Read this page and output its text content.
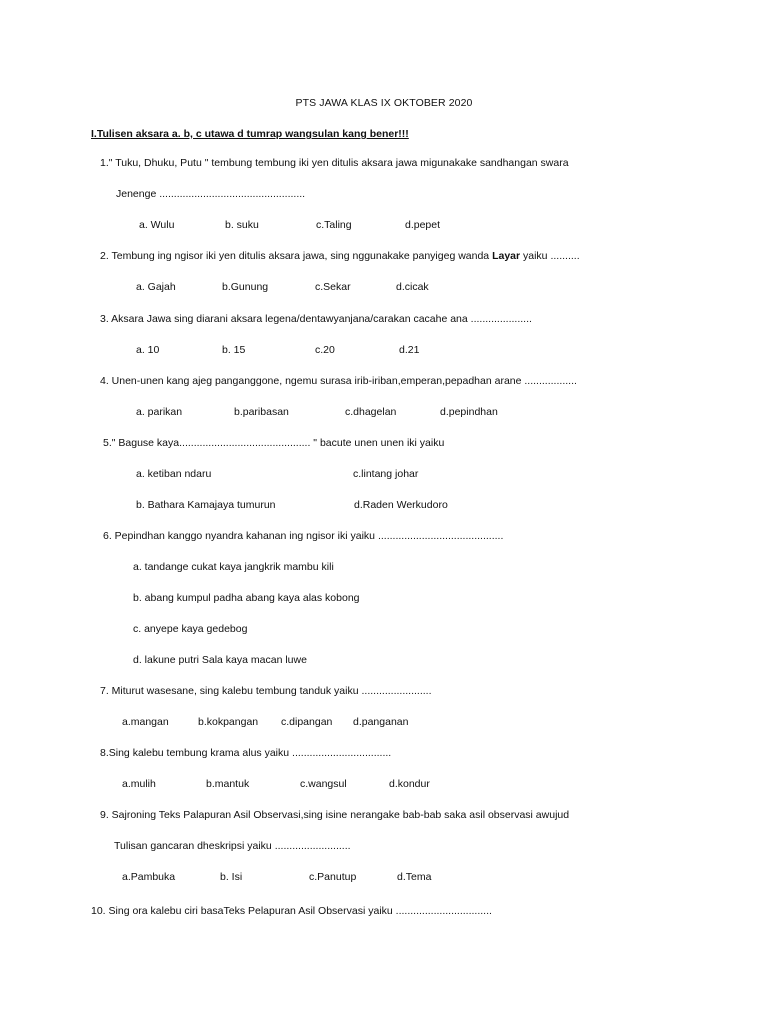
PTS JAWA KLAS IX OKTOBER 2020
I.Tulisen aksara a. b, c utawa d tumrap wangsulan kang bener!!!
1." Tuku, Dhuku, Putu " tembung tembung iki yen ditulis aksara jawa migunakake sandhangan swara
Jenenge ..................................................
a. Wulu	b. suku	c.Taling	d.pepet
2. Tembung ing ngisor iki yen ditulis aksara jawa, sing nggunakake panyigeg wanda Layar yaiku ..........
a. Gajah	b.Gunung	c.Sekar	d.cicak
3. Aksara Jawa sing diarani aksara legena/dentawyanjana/carakan cacahe ana .....................
a. 10	b. 15	c.20	d.21
4. Unen-unen kang ajeg panganggone, ngemu surasa irib-iriban,emperan,pepadhan arane ..................
a. parikan	b.paribasan	c.dhagelan	d.pepindhan
5." Baguse kaya............................................. " bacute unen unen iki yaiku
a. ketiban ndaru	c.lintang johar
b. Bathara Kamajaya tumurun	d.Raden Werkudoro
6. Pepindhan kanggo nyandra kahanan ing ngisor iki yaiku ...........................................
a. tandange cukat kaya jangkrik mambu kili
b. abang kumpul padha abang kaya alas kobong
c. anyepe kaya gedebog
d. lakune putri Sala kaya macan luwe
7. Miturut wasesane, sing kalebu tembung tanduk yaiku ........................
a.mangan	b.kokpangan c.dipangan d.panganan
8.Sing kalebu tembung krama alus yaiku ..................................
a.mulih	b.mantuk	c.wangsul	d.kondur
9. Sajroning Teks Palapuran Asil Observasi,sing isine nerangake bab-bab saka asil observasi awujud
Tulisan gancaran dheskripsi yaiku ..........................
a.Pambuka	b. Isi	c.Panutup	d.Tema
10. Sing ora kalebu ciri basaTeks Pelapuran Asil Observasi yaiku .................................
